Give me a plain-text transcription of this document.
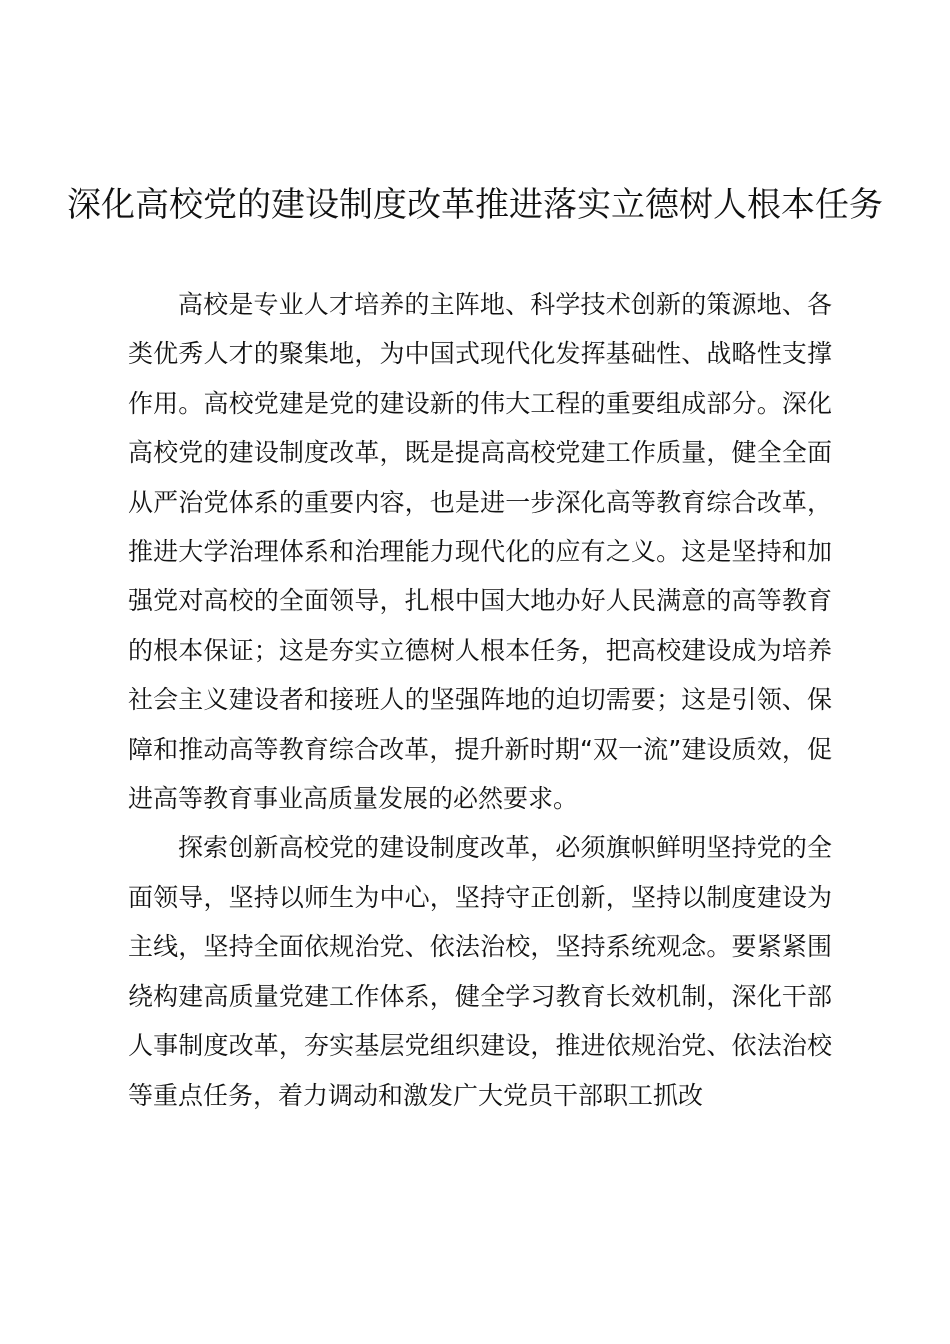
深化高校党的建设制度改革推进落实立德树人根本任务

高校是专业人才培养的主阵地、科学技术创新的策源地、各类优秀人才的聚集地，为中国式现代化发挥基础性、战略性支撑作用。高校党建是党的建设新的伟大工程的重要组成部分。深化高校党的建设制度改革，既是提高高校党建工作质量，健全全面从严治党体系的重要内容，也是进一步深化高等教育综合改革，推进大学治理体系和治理能力现代化的应有之义。这是坚持和加强党对高校的全面领导，扎根中国大地办好人民满意的高等教育的根本保证；这是夯实立德树人根本任务，把高校建设成为培养社会主义建设者和接班人的坚强阵地的迫切需要；这是引领、保障和推动高等教育综合改革，提升新时期“双一流”建设质效，促进高等教育事业高质量发展的必然要求。

探索创新高校党的建设制度改革，必须旗帜鲜明坚持党的全面领导，坚持以师生为中心，坚持守正创新，坚持以制度建设为主线，坚持全面依规治党、依法治校，坚持系统观念。要紧紧围绕构建高质量党建工作体系，健全学习教育长效机制，深化干部人事制度改革，夯实基层党组织建设，推进依规治党、依法治校等重点任务，着力调动和激发广大党员干部职工抓改
